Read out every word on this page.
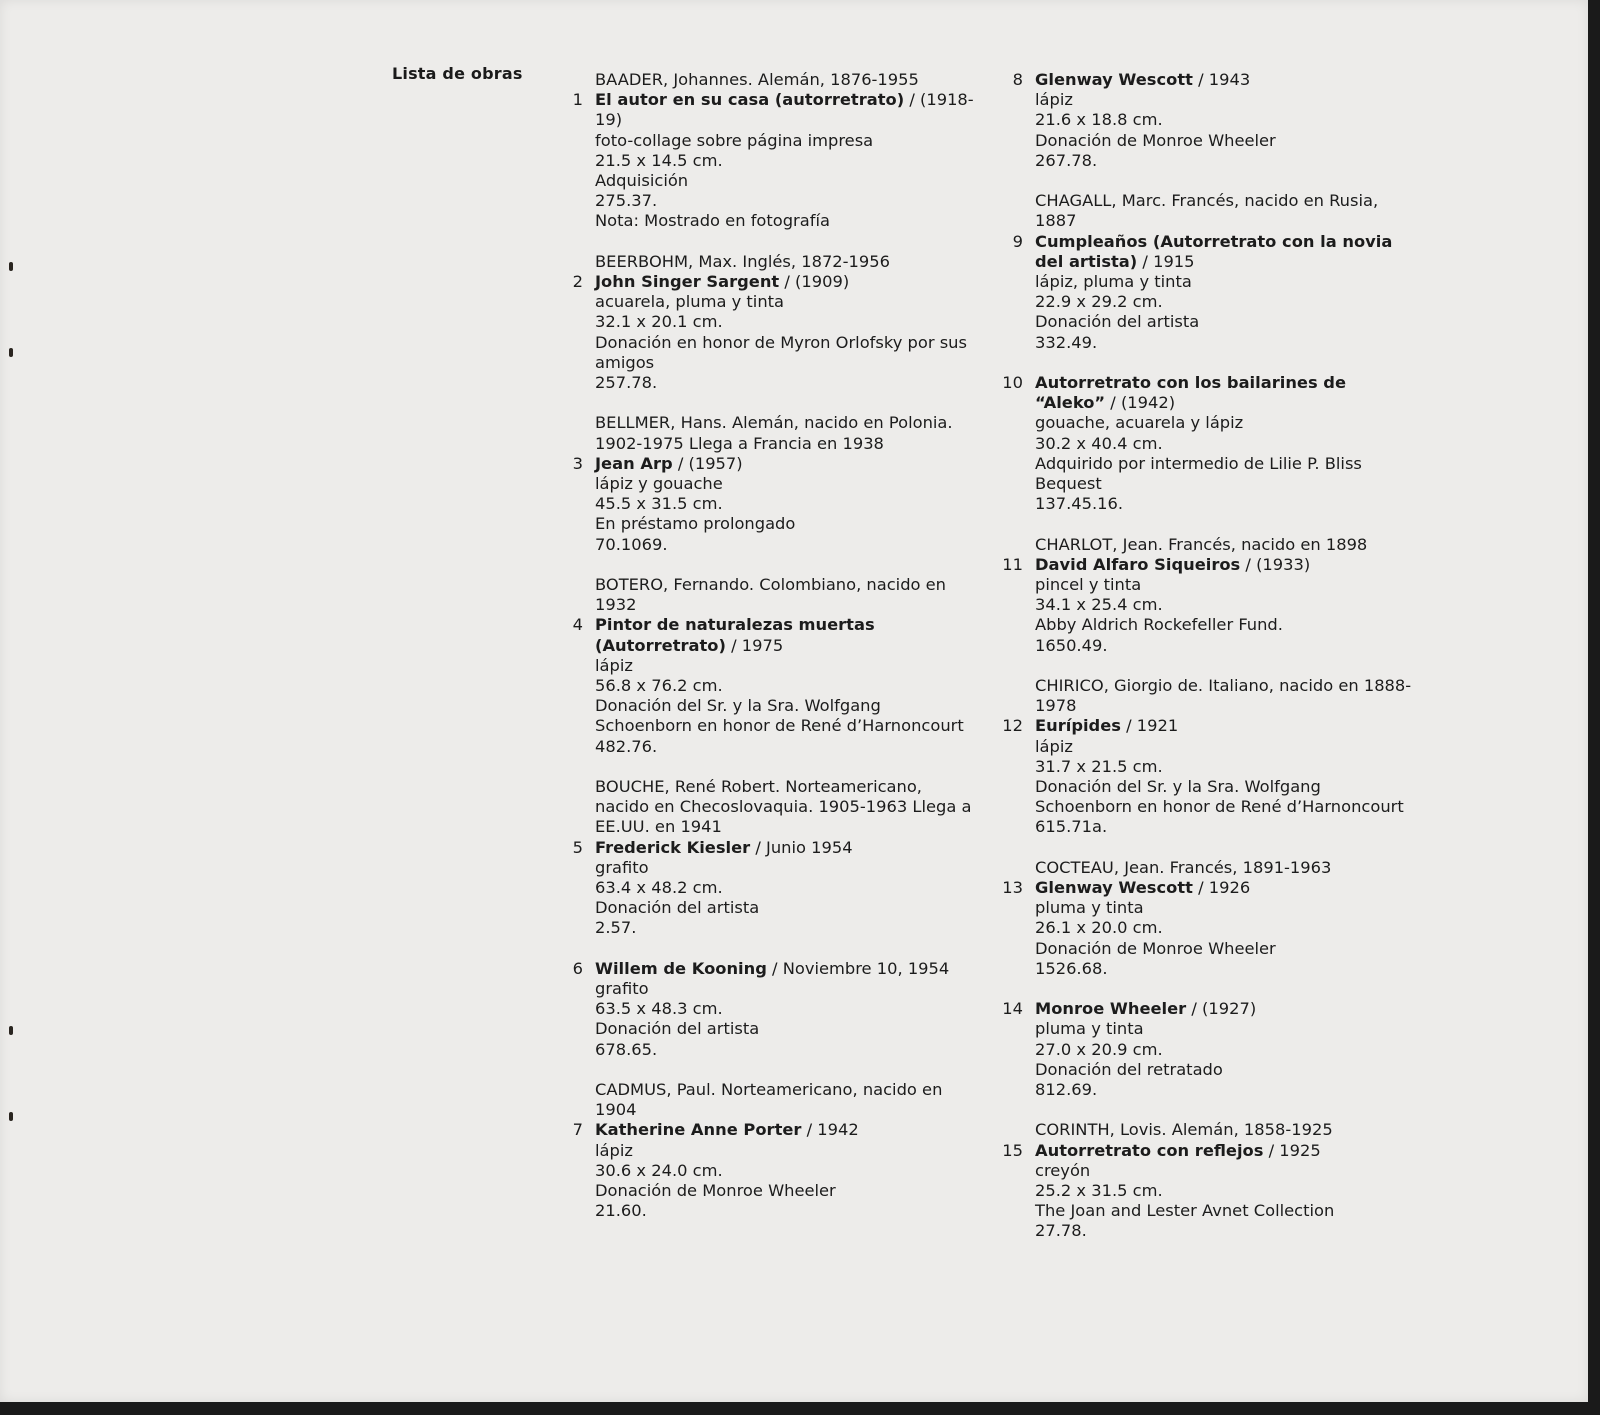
Lista de obras	BAADER, Johannes. Alemán, 1876-1955

1 El autor en su casa (autorretrato) / (1918-19)

foto-collage sobre página impresa

21.5 x 14.5 cm.

Adquisición

275.37.

Nota: Mostrado en fotografía

BEERBOHM, Max. Inglés, 1872-1956

2 John Singer Sargent / (1909)

acuarela, pluma y tinta

32.1 x 20.1 cm.

Donación en honor de Myron Orlofsky por sus amigos

257.78.

BELLMER, Hans. Alemán, nacido en Polonia. 1902-1975 Llega a Francia en 1938

3 Jean Arp / (1957)

lápiz y gouache

45.5 x 31.5 cm.

En préstamo prolongado

70.1069.

BOTERO, Fernando. Colombiano, nacido en 1932

4 Pintor de naturalezas muertas (Autorretrato) / 1975

lápiz

56.8 x 76.2 cm.

Donación del Sr. y la Sra. Wolfgang Schoenborn en honor de René d’Harnoncourt

482.76.

BOUCHE, René Robert. Norteamericano, nacido en Checoslovaquia. 1905-1963 Llega a EE.UU. en 1941

5 Frederick Kiesler / Junio 1954

grafito

63.4 x 48.2 cm.

Donación del artista

2.57.

6 Willem de Kooning / Noviembre 10, 1954

grafito

63.5 x 48.3 cm.

Donación del artista

678.65.

CADMUS, Paul. Norteamericano, nacido en 1904

7 Katherine Anne Porter / 1942

lápiz

30.6 x 24.0 cm.

Donación de Monroe Wheeler

21.60.

8 Glenway Wescott / 1943

lápiz

21.6 x 18.8 cm.

Donación de Monroe Wheeler

267.78.

CHAGALL, Marc. Francés, nacido en Rusia, 1887

9 Cumpleaños (Autorretrato con la novia del artista) / 1915

lápiz, pluma y tinta

22.9 x 29.2 cm.

Donación del artista

332.49.

10 Autorretrato con los bailarines de “Aleko” / (1942)

gouache, acuarela y lápiz

30.2 x 40.4 cm.

Adquirido por intermedio de Lilie P. Bliss Bequest

137.45.16.

CHARLOT, Jean. Francés, nacido en 1898

11 David Alfaro Siqueiros / (1933)

pincel y tinta

34.1 x 25.4 cm.

Abby Aldrich Rockefeller Fund.

1650.49.

CHIRICO, Giorgio de. Italiano, nacido en 1888-1978

12 Eurípides / 1921

lápiz

31.7 x 21.5 cm.

Donación del Sr. y la Sra. Wolfgang Schoenborn en honor de René d’Harnoncourt

615.71a.

COCTEAU, Jean. Francés, 1891-1963

13 Glenway Wescott / 1926

pluma y tinta

26.1 x 20.0 cm.

Donación de Monroe Wheeler

1526.68.

14 Monroe Wheeler / (1927)

pluma y tinta

27.0 x 20.9 cm.

Donación del retratado

812.69.

CORINTH, Lovis. Alemán, 1858-1925

15 Autorretrato con reflejos / 1925

creyón

25.2 x 31.5 cm.

The Joan and Lester Avnet Collection

27.78.
